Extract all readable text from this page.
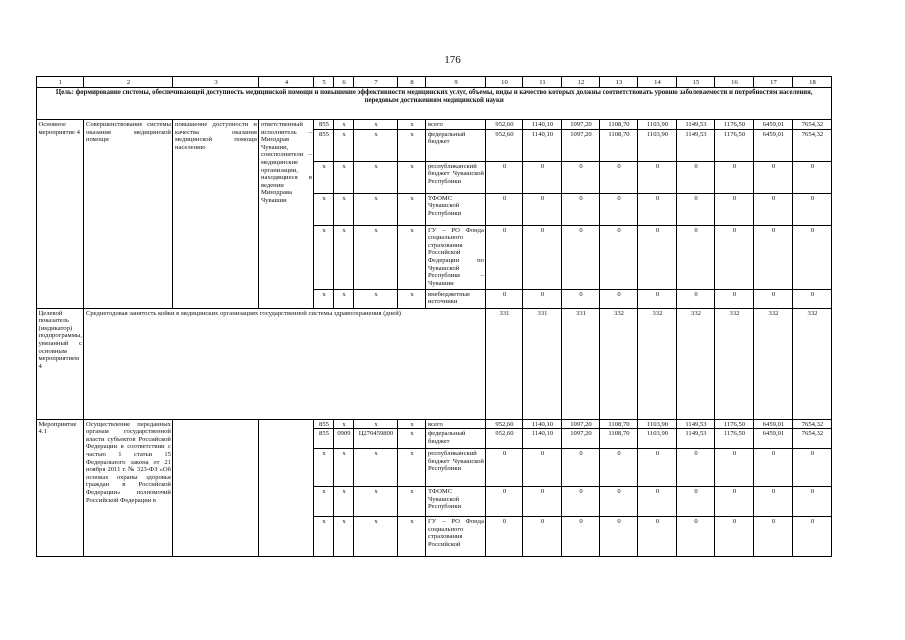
176
1	2	3	4	5	6	7	8	9	10	11	12	13	14	15	16	17	18
Цель: формирование системы, обеспечивающей доступность медицинской помощи и повышение эффективности медицинских услуг, объемы, виды и качество которых должны соответствовать уровню заболеваемости и потребностям населения, передовым достижениям медицинской науки																	
Основное мероприятие 4	Совершенствование системы оказания медицинской помощи	повышение доступности и качества оказания медицинской помощи населению	ответственный исполнитель – Минздрав Чувашии, соисполнители – медицинские организации, находящиеся в ведении Минздрава Чувашии	855	x	x	x	всего	952,60	1140,10	1097,20	1108,70	1103,90	1149,53	1176,50	6459,01	7654,32
				855	x	x	x	федеральный бюджет	952,60	1140,10	1097,20	1108,70	1103,90	1149,53	1176,50	6459,01	7654,32
				x	x	x	x	республиканский бюджет Чувашской Республики	0	0	0	0	0	0	0	0	0
				x	x	x	x	ТФОМС Чувашской Республики	0	0	0	0	0	0	0	0	0
				x	x	x	x	ГУ – РО Фонда социального страхования Российской Федерации по Чувашской Республике – Чувашии	0	0	0	0	0	0	0	0	0
				x	x	x	x	внебюджетные источники	0	0	0	0	0	0	0	0	0
Целевой показатель (индикатор) подпрограммы, увязанный с основным мероприятием 4	Среднегодовая занятость койки в медицинских организациях государственной системы здравоохранения (дней)								331	331	331	332	332	332	332	332	332
Мероприятие 4.1	Осуществление переданных органам государственной власти субъектов Российской Федерации в соответствии с частью 1 статьи 15 Федерального закона от 21 ноября 2011 г. № 323-ФЗ «Об основах охраны здоровья граждан в Российской Федерации» полномочий Российской Федерации в			855	x	x	x	всего	952,60	1140,10	1097,20	1108,70	1103,90	1149,53	1176,50	6459,01	7654,32
				855	0909	Ц270459800	x	федеральный бюджет	952,60	1140,10	1097,20	1108,70	1103,90	1149,53	1176,50	6459,01	7654,32
				x	x	x	x	республиканский бюджет Чувашской Республики	0	0	0	0	0	0	0	0	0
				x	x	x	x	ТФОМС Чувашской Республики	0	0	0	0	0	0	0	0	0
				x	x	x	x	ГУ – РО Фонда социального страхования Российской	0	0	0	0	0	0	0	0	0
